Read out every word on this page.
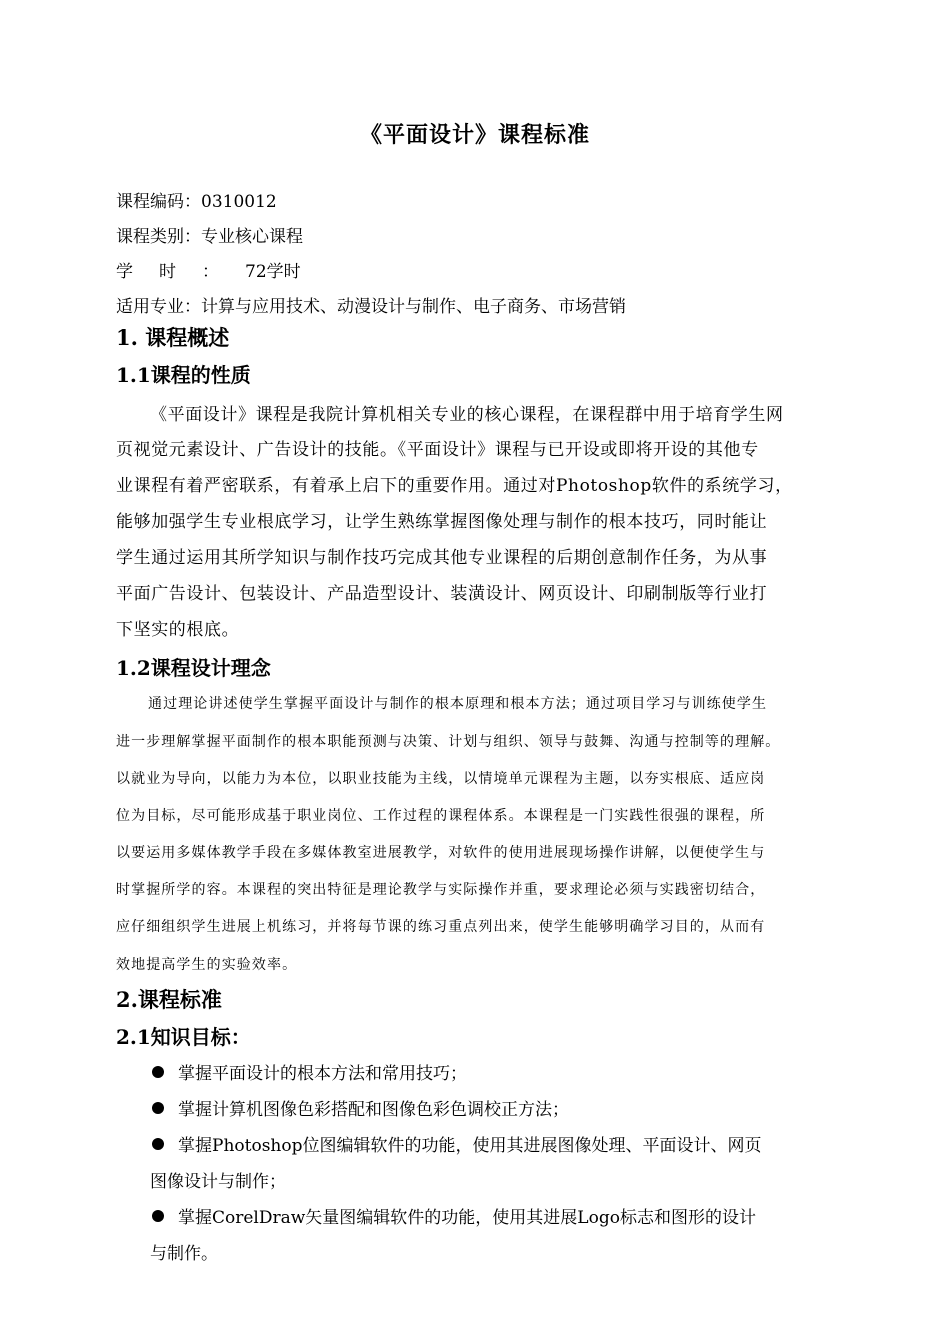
《平面设计》课程标准
课程编码：0310012
课程类别：专业核心课程
学时：72学时
适用专业：计算与应用技术、动漫设计与制作、电子商务、市场营销
1. 课程概述
1.1课程的性质
《平面设计》课程是我院计算机相关专业的核心课程，在课程群中用于培育学生网
页视觉元素设计、广告设计的技能。《平面设计》课程与已开设或即将开设的其他专
业课程有着严密联系，有着承上启下的重要作用。通过对Photoshop软件的系统学习，
能够加强学生专业根底学习，让学生熟练掌握图像处理与制作的根本技巧，同时能让
学生通过运用其所学知识与制作技巧完成其他专业课程的后期创意制作任务，为从事
平面广告设计、包装设计、产品造型设计、装潢设计、网页设计、印刷制版等行业打
下坚实的根底。
1.2课程设计理念
通过理论讲述使学生掌握平面设计与制作的根本原理和根本方法；通过项目学习与训练使学生
进一步理解掌握平面制作的根本职能预测与决策、计划与组织、领导与鼓舞、沟通与控制等的理解。
以就业为导向，以能力为本位，以职业技能为主线，以情境单元课程为主题，以夯实根底、适应岗
位为目标，尽可能形成基于职业岗位、工作过程的课程体系。本课程是一门实践性很强的课程，所
以要运用多媒体教学手段在多媒体教室进展教学，对软件的使用进展现场操作讲解，以便使学生与
时掌握所学的容。本课程的突出特征是理论教学与实际操作并重，要求理论必须与实践密切结合，
应仔细组织学生进展上机练习，并将每节课的练习重点列出来，使学生能够明确学习目的，从而有
效地提高学生的实验效率。
2.课程标准
2.1知识目标：
掌握平面设计的根本方法和常用技巧；
掌握计算机图像色彩搭配和图像色彩色调校正方法；
掌握Photoshop位图编辑软件的功能，使用其进展图像处理、平面设计、网页
图像设计与制作；
掌握CorelDraw矢量图编辑软件的功能，使用其进展Logo标志和图形的设计
与制作。
